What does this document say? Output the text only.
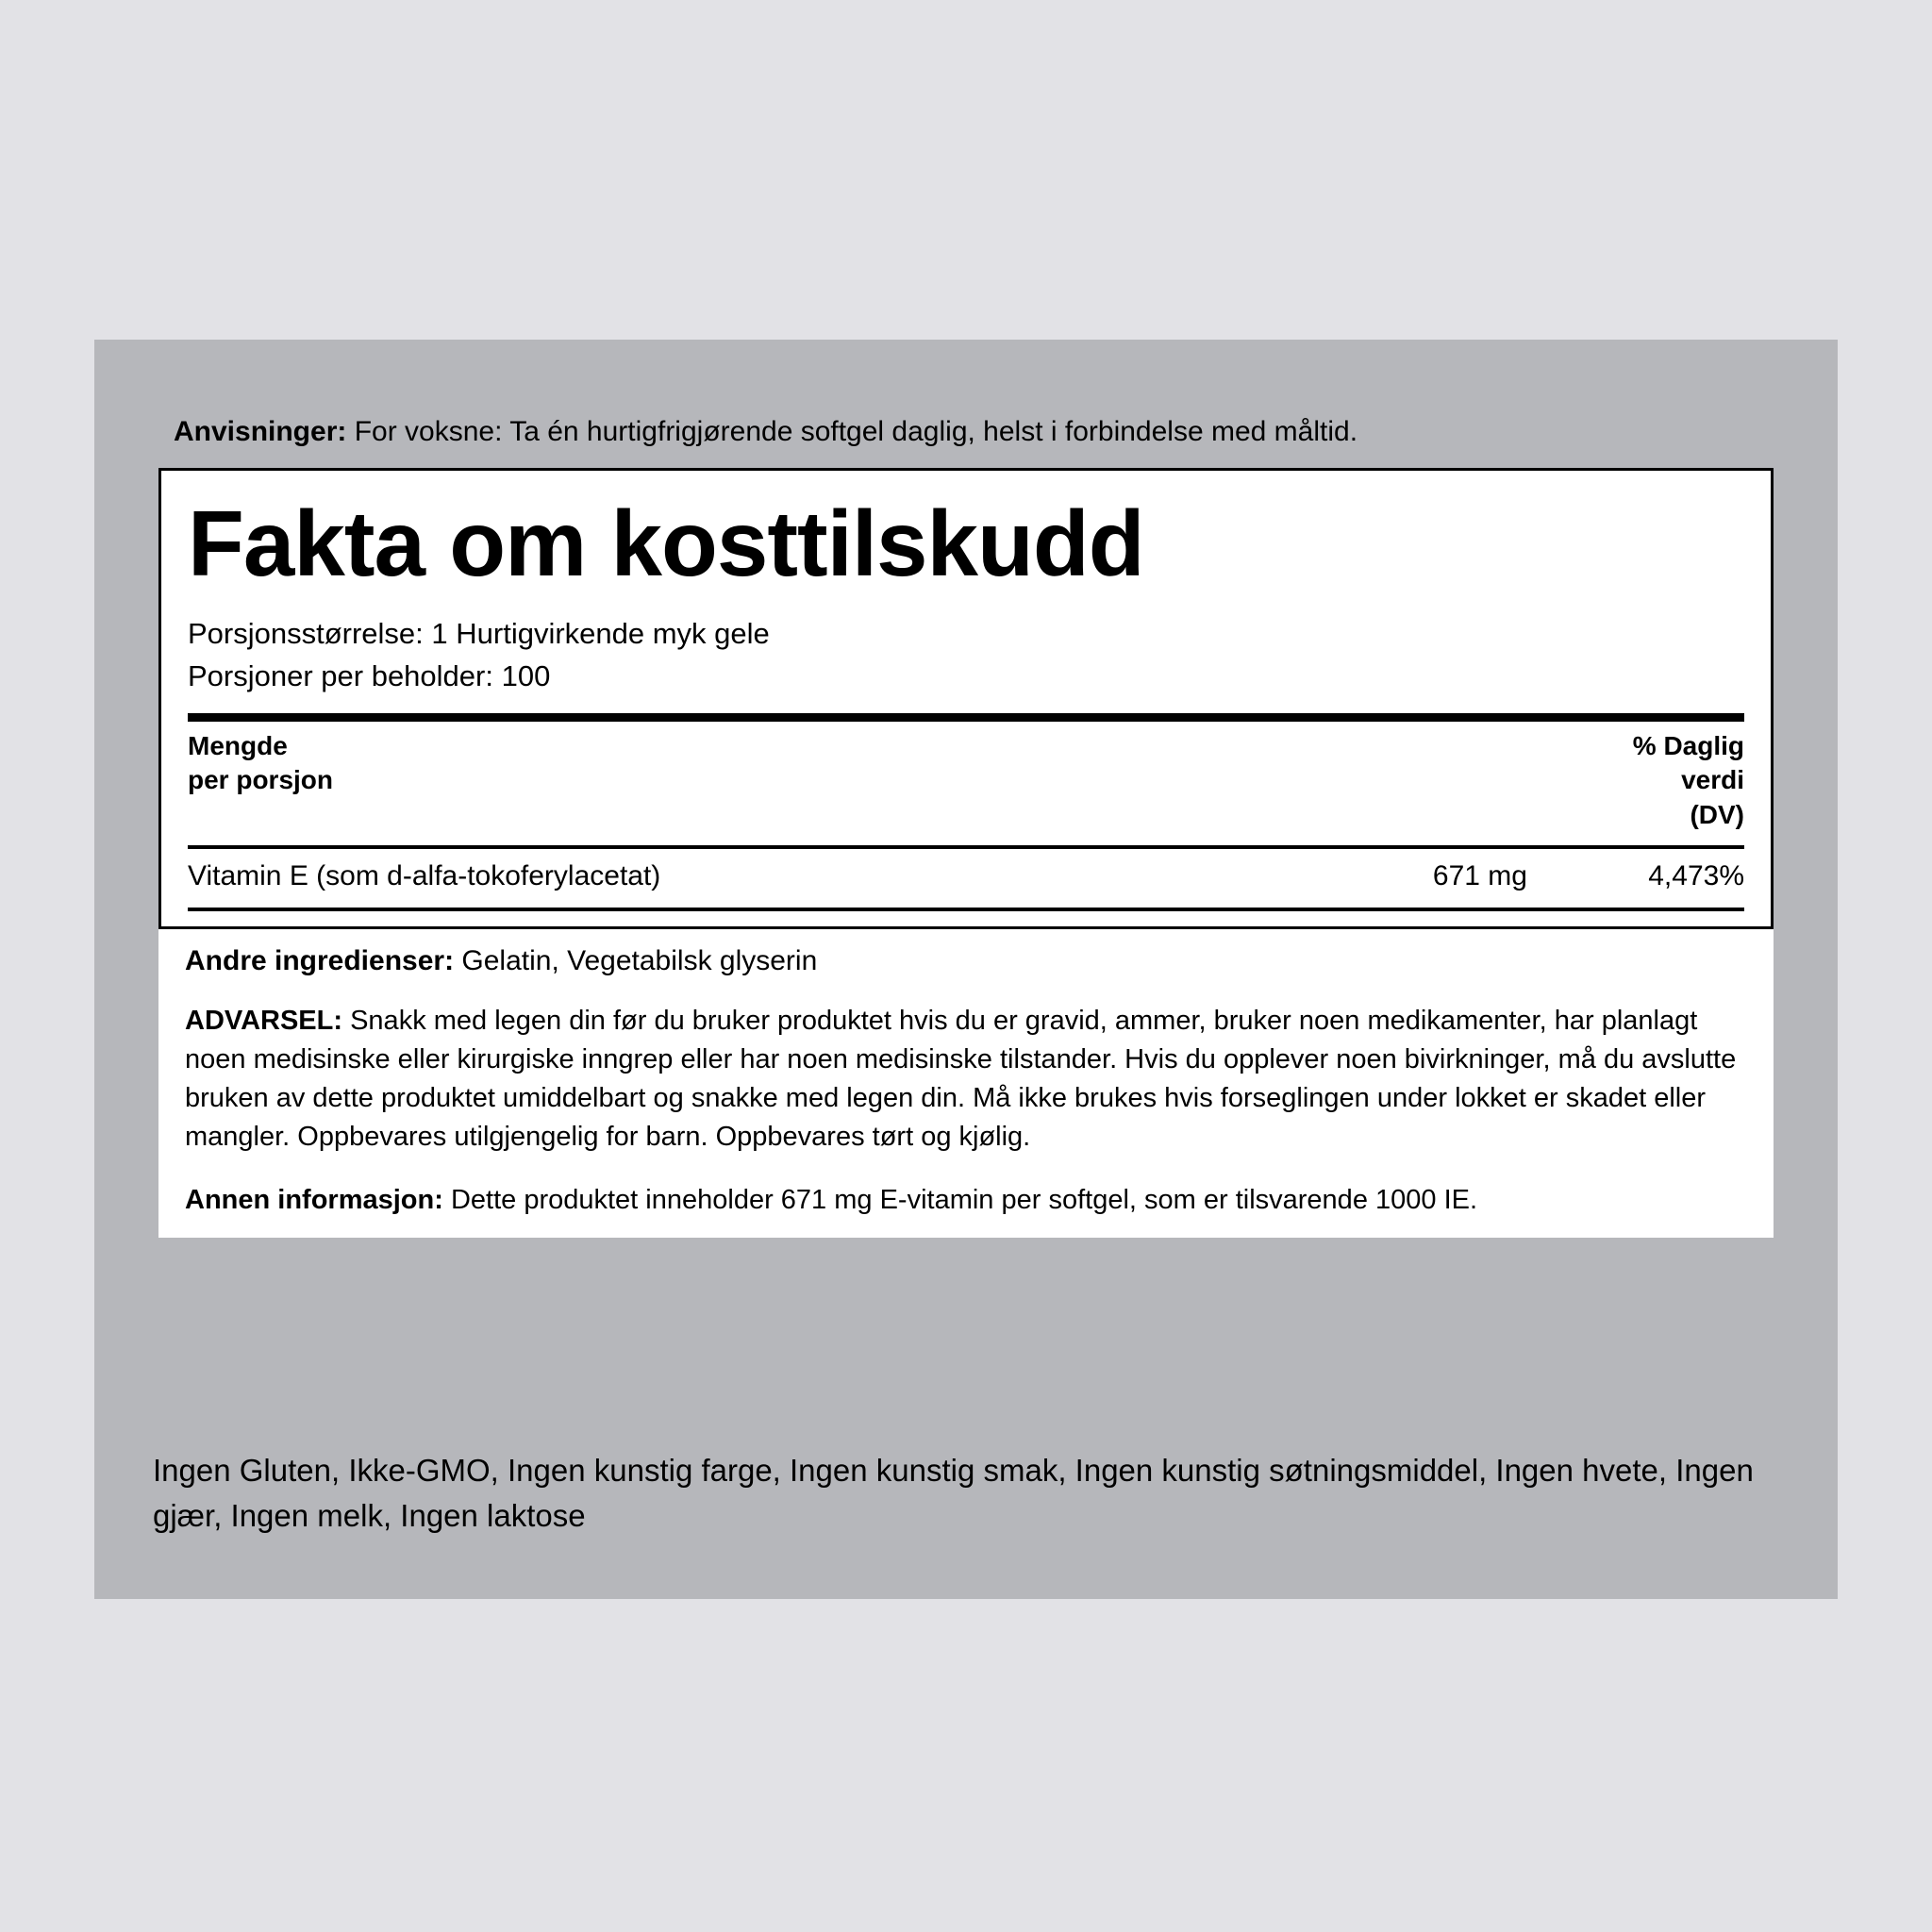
Anvisninger: For voksne: Ta én hurtigfrigjørende softgel daglig, helst i forbindelse med måltid.
Fakta om kosttilskudd
Porsjonsstørrelse: 1 Hurtigvirkende myk gele
Porsjoner per beholder: 100
Mengde
per porsjon
% Daglig
verdi
(DV)
Vitamin E (som d-alfa-tokoferylacetat)	671 mg	4,473%
Andre ingredienser: Gelatin, Vegetabilsk glyserin
ADVARSEL: Snakk med legen din før du bruker produktet hvis du er gravid, ammer, bruker noen medikamenter, har planlagt noen medisinske eller kirurgiske inngrep eller har noen medisinske tilstander. Hvis du opplever noen bivirkninger, må du avslutte bruken av dette produktet umiddelbart og snakke med legen din. Må ikke brukes hvis forseglingen under lokket er skadet eller mangler. Oppbevares utilgjengelig for barn. Oppbevares tørt og kjølig.
Annen informasjon: Dette produktet inneholder 671 mg E-vitamin per softgel, som er tilsvarende 1000 IE.
Ingen Gluten, Ikke-GMO, Ingen kunstig farge, Ingen kunstig smak, Ingen kunstig søtningsmiddel, Ingen hvete, Ingen gjær, Ingen melk, Ingen laktose
